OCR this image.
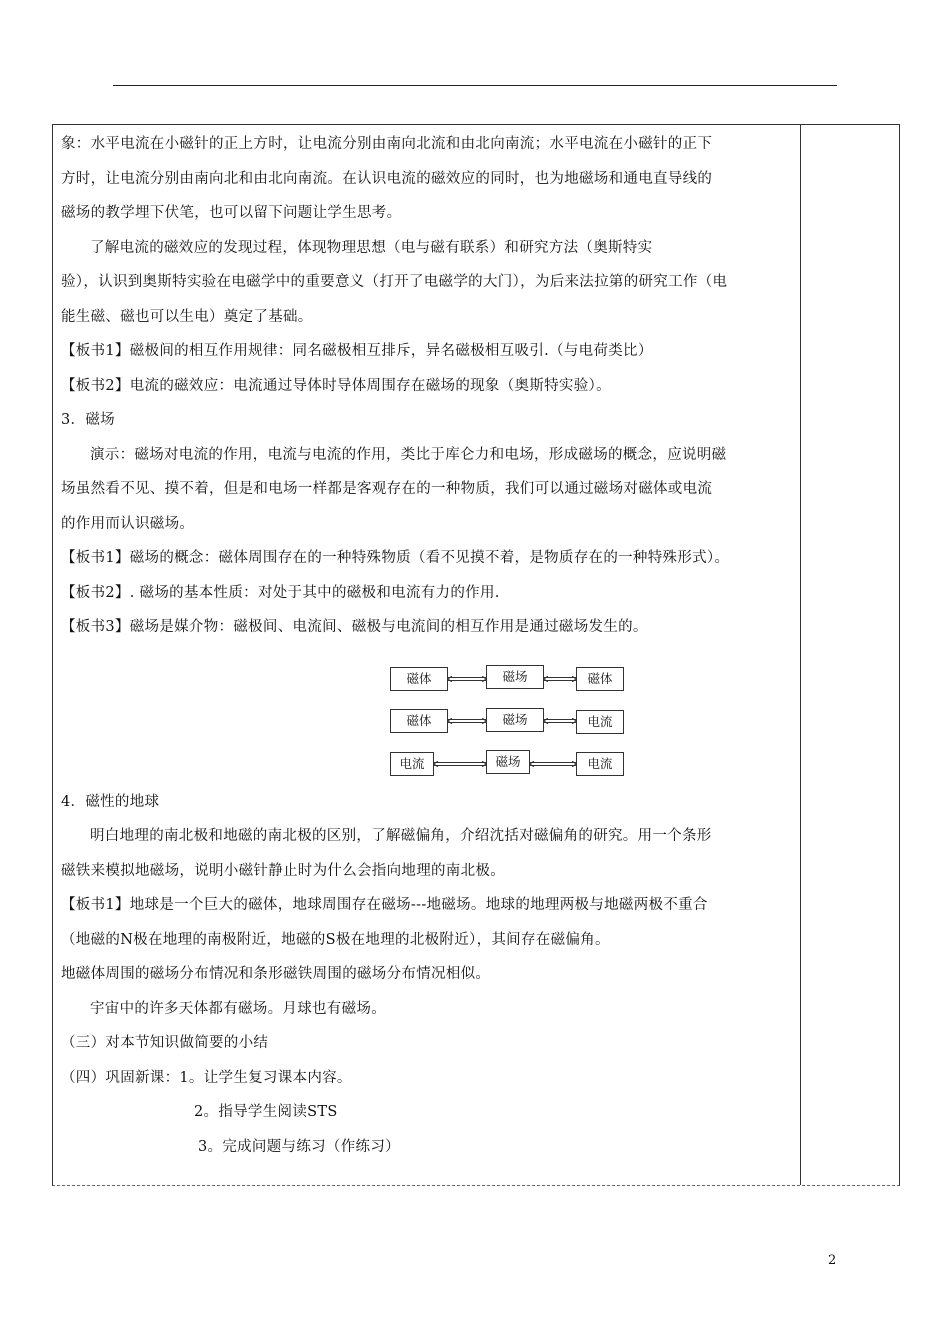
象：水平电流在小磁针的正上方时，让电流分别由南向北流和由北向南流；水平电流在小磁针的正下
方时，让电流分别由南向北和由北向南流。在认识电流的磁效应的同时，也为地磁场和通电直导线的
磁场的教学埋下伏笔，也可以留下问题让学生思考。
了解电流的磁效应的发现过程，体现物理思想（电与磁有联系）和研究方法（奥斯特实
验），认识到奥斯特实验在电磁学中的重要意义（打开了电磁学的大门），为后来法拉第的研究工作（电
能生磁、磁也可以生电）奠定了基础。
【板书1】磁极间的相互作用规律：同名磁极相互排斥，异名磁极相互吸引.（与电荷类比）
【板书2】电流的磁效应：电流通过导体时导体周围存在磁场的现象（奥斯特实验）。
3．磁场
演示：磁场对电流的作用，电流与电流的作用，类比于库仑力和电场，形成磁场的概念，应说明磁
场虽然看不见、摸不着，但是和电场一样都是客观存在的一种物质，我们可以通过磁场对磁体或电流
的作用而认识磁场。
【板书1】磁场的概念：磁体周围存在的一种特殊物质（看不见摸不着，是物质存在的一种特殊形式）。
【板书2】. 磁场的基本性质：对处于其中的磁极和电流有力的作用.
【板书3】磁场是媒介物：磁极间、电流间、磁极与电流间的相互作用是通过磁场发生的。
4．磁性的地球
明白地理的南北极和地磁的南北极的区别，了解磁偏角，介绍沈括对磁偏角的研究。用一个条形
磁铁来模拟地磁场，说明小磁针静止时为什么会指向地理的南北极。
【板书1】地球是一个巨大的磁体，地球周围存在磁场---地磁场。地球的地理两极与地磁两极不重合
（地磁的N极在地理的南极附近，地磁的S极在地理的北极附近），其间存在磁偏角。
地磁体周围的磁场分布情况和条形磁铁周围的磁场分布情况相似。
宇宙中的许多天体都有磁场。月球也有磁场。
（三）对本节知识做简要的小结
（四）巩固新课：1。让学生复习课本内容。
2。指导学生阅读STS
3。完成问题与练习（作练习）
磁体	磁场	磁体
磁体	磁场	电流
电流	磁场	电流
2
